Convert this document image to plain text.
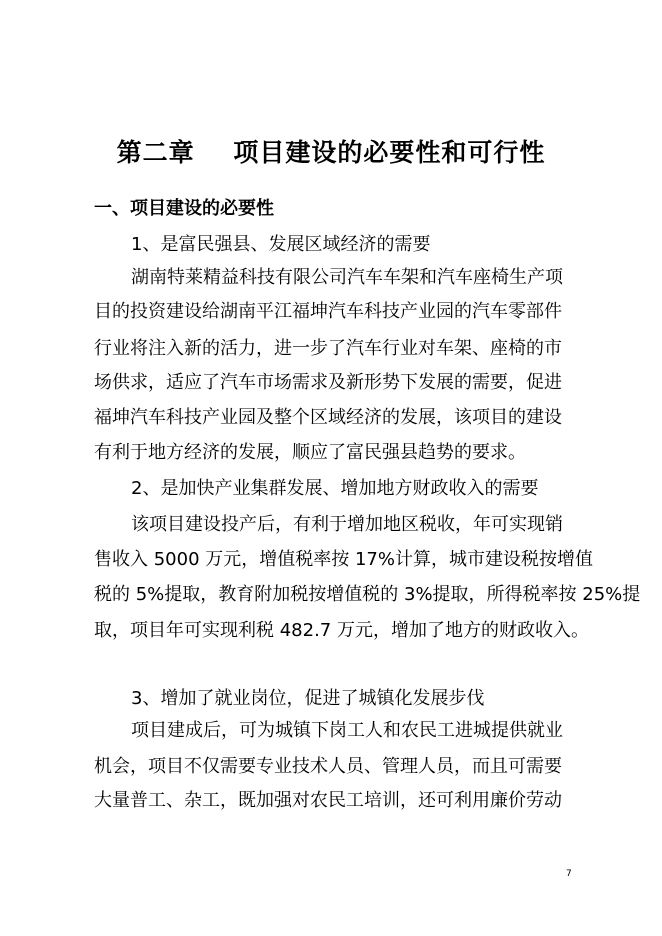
第二章    项目建设的必要性和可行性
一、项目建设的必要性
1、是富民强县、发展区域经济的需要
湖南特莱精益科技有限公司汽车车架和汽车座椅生产项
目的投资建设给湖南平江福坤汽车科技产业园的汽车零部件
行业将注入新的活力，进一步了汽车行业对车架、座椅的市
场供求，适应了汽车市场需求及新形势下发展的需要，促进
福坤汽车科技产业园及整个区域经济的发展，该项目的建设
有利于地方经济的发展，顺应了富民强县趋势的要求。
2、是加快产业集群发展、增加地方财政收入的需要
该项目建设投产后，有利于增加地区税收，年可实现销
售收入 5000 万元，增值税率按 17%计算，城市建设税按增值
税的 5%提取，教育附加税按增值税的 3%提取，所得税率按 25%提
取，项目年可实现利税 482.7 万元，增加了地方的财政收入。
3、增加了就业岗位，促进了城镇化发展步伐
项目建成后，可为城镇下岗工人和农民工进城提供就业
机会，项目不仅需要专业技术人员、管理人员，而且可需要
大量普工、杂工，既加强对农民工培训，还可利用廉价劳动
7
